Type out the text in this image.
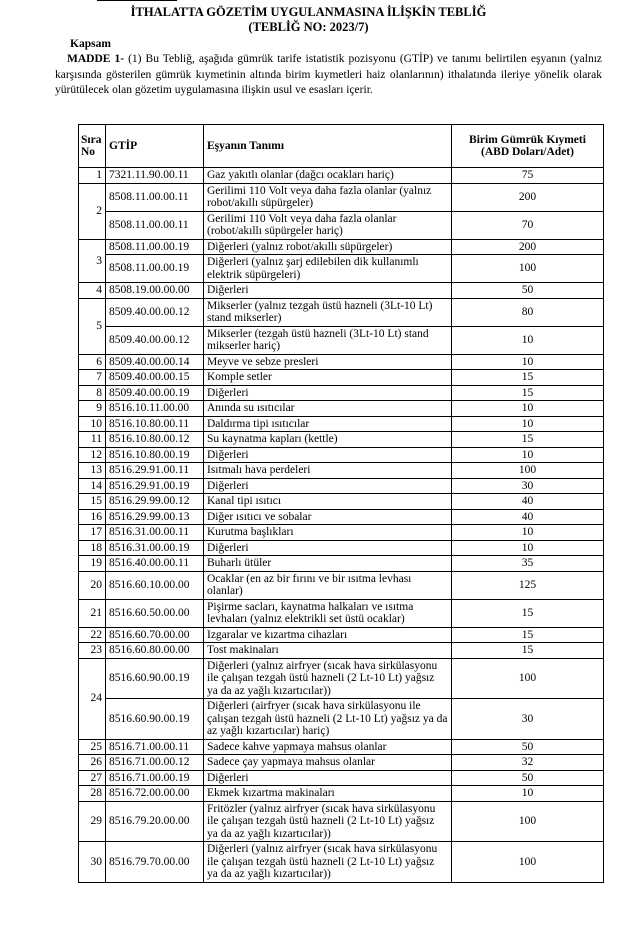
İTHALATTA GÖZETİM UYGULANMASINA İLİŞKİN TEBLİĞ
(TEBLİĞ NO: 2023/7)
Kapsam
MADDE 1- (1) Bu Tebliğ, aşağıda gümrük tarife istatistik pozisyonu (GTİP) ve tanımı belirtilen eşyanın (yalnız karşısında gösterilen gümrük kıymetinin altında birim kıymetleri haiz olanlarının) ithalatında ileriye yönelik olarak yürütülecek olan gözetim uygulamasına ilişkin usul ve esasları içerir.
Sıra No	GTİP	Eşyanın Tanımı	Birim Gümrük Kıymeti (ABD Doları/Adet)
1	7321.11.90.00.11	Gaz yakıtlı olanlar (dağcı ocakları hariç)	75
2	8508.11.00.00.11	Gerilimi 110 Volt veya daha fazla olanlar (yalnız robot/akıllı süpürgeler)	200
	8508.11.00.00.11	Gerilimi 110 Volt veya daha fazla olanlar (robot/akıllı süpürgeler hariç)	70
3	8508.11.00.00.19	Diğerleri (yalnız robot/akıllı süpürgeler)	200
	8508.11.00.00.19	Diğerleri (yalnız şarj edilebilen dik kullanımlı elektrik süpürgeleri)	100
4	8508.19.00.00.00	Diğerleri	50
5	8509.40.00.00.12	Mikserler (yalnız tezgah üstü hazneli (3Lt-10 Lt) stand mikserler)	80
	8509.40.00.00.12	Mikserler (tezgah üstü hazneli (3Lt-10 Lt) stand mikserler hariç)	10
6	8509.40.00.00.14	Meyve ve sebze presleri	10
7	8509.40.00.00.15	Komple setler	15
8	8509.40.00.00.19	Diğerleri	15
9	8516.10.11.00.00	Anında su ısıtıcılar	10
10	8516.10.80.00.11	Daldırma tipi ısıtıcılar	10
11	8516.10.80.00.12	Su kaynatma kapları (kettle)	15
12	8516.10.80.00.19	Diğerleri	10
13	8516.29.91.00.11	Isıtmalı hava perdeleri	100
14	8516.29.91.00.19	Diğerleri	30
15	8516.29.99.00.12	Kanal tipi ısıtıcı	40
16	8516.29.99.00.13	Diğer ısıtıcı ve sobalar	40
17	8516.31.00.00.11	Kurutma başlıkları	10
18	8516.31.00.00.19	Diğerleri	10
19	8516.40.00.00.11	Buharlı ütüler	35
20	8516.60.10.00.00	Ocaklar (en az bir fırını ve bir ısıtma levhası olanlar)	125
21	8516.60.50.00.00	Pişirme sacları, kaynatma halkaları ve ısıtma levhaları (yalnız elektrikli set üstü ocaklar)	15
22	8516.60.70.00.00	Izgaralar ve kızartma cihazları	15
23	8516.60.80.00.00	Tost makinaları	15
24	8516.60.90.00.19	Diğerleri (yalnız airfryer (sıcak hava sirkülasyonu ile çalışan tezgah üstü hazneli (2 Lt-10 Lt) yağsız ya da az yağlı kızartıcılar))	100
	8516.60.90.00.19	Diğerleri (airfryer (sıcak hava sirkülasyonu ile çalışan tezgah üstü hazneli (2 Lt-10 Lt) yağsız ya da az yağlı kızartıcılar) hariç)	30
25	8516.71.00.00.11	Sadece kahve yapmaya mahsus olanlar	50
26	8516.71.00.00.12	Sadece çay yapmaya mahsus olanlar	32
27	8516.71.00.00.19	Diğerleri	50
28	8516.72.00.00.00	Ekmek kızartma makinaları	10
29	8516.79.20.00.00	Fritözler (yalnız airfryer (sıcak hava sirkülasyonu ile çalışan tezgah üstü hazneli (2 Lt-10 Lt) yağsız ya da az yağlı kızartıcılar))	100
30	8516.79.70.00.00	Diğerleri (yalnız airfryer (sıcak hava sirkülasyonu ile çalışan tezgah üstü hazneli (2 Lt-10 Lt) yağsız ya da az yağlı kızartıcılar))	100
